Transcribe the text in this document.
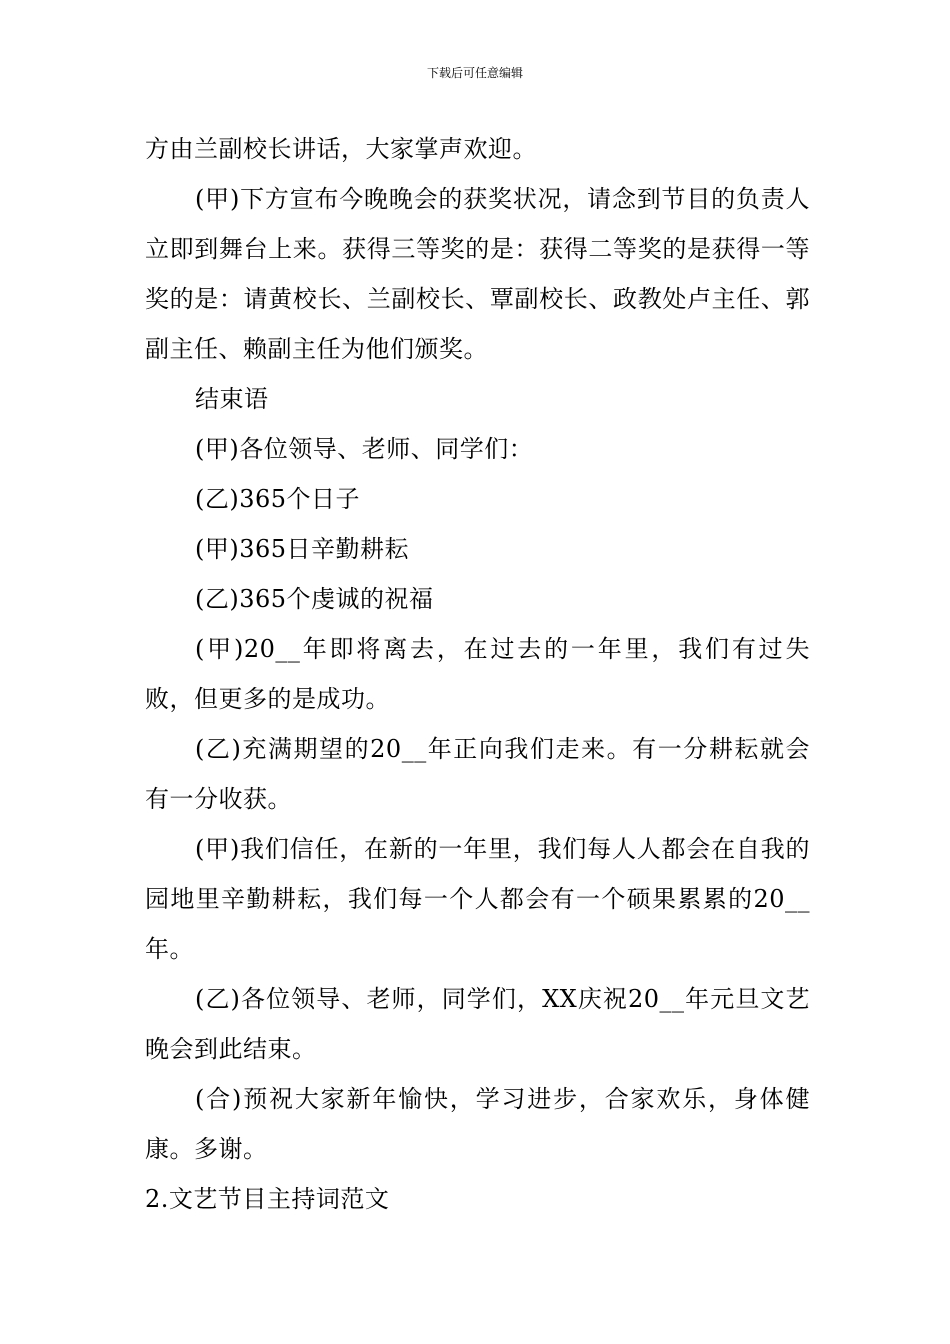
下载后可任意编辑

方由兰副校长讲话，大家掌声欢迎。

(甲)下方宣布今晚晚会的获奖状况，请念到节目的负责人立即到舞台上来。获得三等奖的是：获得二等奖的是获得一等奖的是：请黄校长、兰副校长、覃副校长、政教处卢主任、郭副主任、赖副主任为他们颁奖。

结束语

(甲)各位领导、老师、同学们：

(乙)365个日子

(甲)365日辛勤耕耘

(乙)365个虔诚的祝福

(甲)20__年即将离去，在过去的一年里，我们有过失败，但更多的是成功。

(乙)充满期望的20__年正向我们走来。有一分耕耘就会有一分收获。

(甲)我们信任，在新的一年里，我们每人人都会在自我的园地里辛勤耕耘，我们每一个人都会有一个硕果累累的20__年。

(乙)各位领导、老师，同学们，XX庆祝20__年元旦文艺晚会到此结束。

(合)预祝大家新年愉快，学习进步，合家欢乐，身体健康。多谢。

2.文艺节目主持词范文
